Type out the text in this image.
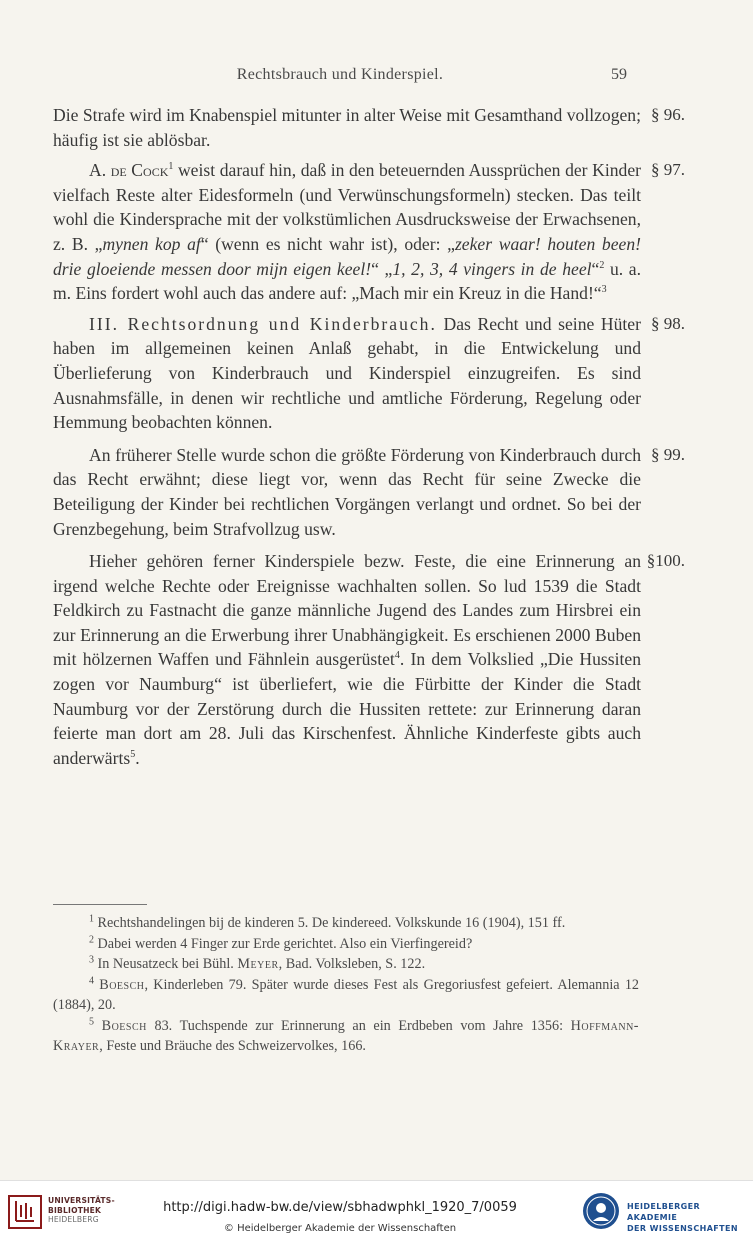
Rechtsbrauch und Kinderspiel.	59

§ 96.
Die Strafe wird im Knabenspiel mitunter in alter Weise mit Gesamthand vollzogen; häufig ist sie ablösbar.

§ 97.
A. de Cock$^1$ weist darauf hin, daß in den beteuernden Aussprüchen der Kinder vielfach Reste alter Eidesformeln (und Verwünschungsformeln) stecken. Das teilt wohl die Kindersprache mit der volkstümlichen Ausdrucksweise der Erwachsenen, z. B. „mynen kop af“ (wenn es nicht wahr ist), oder: „zeker waar! houten been! drie gloeiende messen door mijn eigen keel!“ „1, 2, 3, 4 vingers in de heel“$^2$ u. a. m. Eins fordert wohl auch das andere auf: „Mach mir ein Kreuz in die Hand!“$^3$

§ 98.
III. Rechtsordnung und Kinderbrauch. Das Recht und seine Hüter haben im allgemeinen keinen Anlaß gehabt, in die Entwickelung und Überlieferung von Kinderbrauch und Kinderspiel einzugreifen. Es sind Ausnahmsfälle, in denen wir rechtliche und amtliche Förderung, Regelung oder Hemmung beobachten können.

§ 99.
An früherer Stelle wurde schon die größte Förderung von Kinderbrauch durch das Recht erwähnt; diese liegt vor, wenn das Recht für seine Zwecke die Beteiligung der Kinder bei rechtlichen Vorgängen verlangt und ordnet. So bei der Grenzbegehung, beim Strafvollzug usw.

§100.
Hieher gehören ferner Kinderspiele bezw. Feste, die eine Erinnerung an irgend welche Rechte oder Ereignisse wachhalten sollen. So lud 1539 die Stadt Feldkirch zu Fastnacht die ganze männliche Jugend des Landes zum Hirsbrei ein zur Erinnerung an die Erwerbung ihrer Unabhängigkeit. Es erschienen 2000 Buben mit hölzernen Waffen und Fähnlein ausgerüstet$^4$. In dem Volkslied „Die Hussiten zogen vor Naumburg“ ist überliefert, wie die Fürbitte der Kinder die Stadt Naumburg vor der Zerstörung durch die Hussiten rettete: zur Erinnerung daran feierte man dort am 28. Juli das Kirschenfest. Ähnliche Kinderfeste gibts auch anderwärts$^5$.

$^1$ Rechtshandelingen bij de kinderen 5. De kindereed. Volkskunde 16 (1904), 151 ff.
$^2$ Dabei werden 4 Finger zur Erde gerichtet. Also ein Vierfingereid?
$^3$ In Neusatzeck bei Bühl. Meyer, Bad. Volksleben, S. 122.
$^4$ Boesch, Kinderleben 79. Später wurde dieses Fest als Gregoriusfest gefeiert. Alemannia 12 (1884), 20.
$^5$ Boesch 83. Tuchspende zur Erinnerung an ein Erdbeben vom Jahre 1356: Hoffmann-Krayer, Feste und Bräuche des Schweizervolkes, 166.
UNIVERSITÄTS-
BIBLIOTHEK
HEIDELBERG
http://digi.hadw-bw.de/view/sbhadwphkl_1920_7/0059
© Heidelberger Akademie der Wissenschaften
HEIDELBERGER AKADEMIE
DER WISSENSCHAFTEN
